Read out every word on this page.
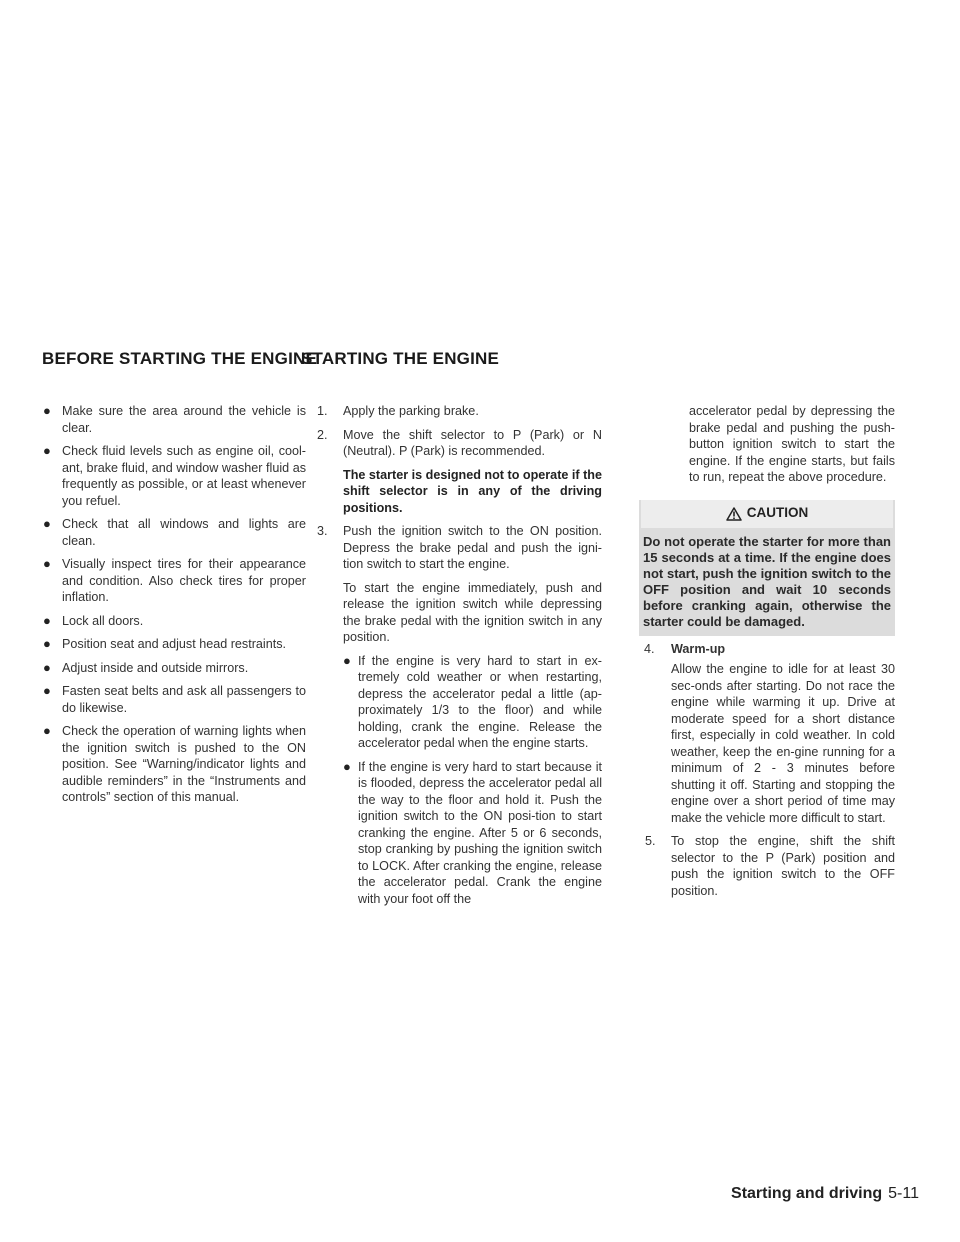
BEFORE STARTING THE ENGINE
STARTING THE ENGINE
● Make sure the area around the vehicle is clear.
● Check fluid levels such as engine oil, cool-ant, brake fluid, and window washer fluid as frequently as possible, or at least whenever you refuel.
● Check that all windows and lights are clean.
● Visually inspect tires for their appearance and condition. Also check tires for proper inflation.
● Lock all doors.
● Position seat and adjust head restraints.
● Adjust inside and outside mirrors.
● Fasten seat belts and ask all passengers to do likewise.
● Check the operation of warning lights when the ignition switch is pushed to the ON position. See “Warning/indicator lights and audible reminders” in the “Instruments and controls” section of this manual.
1. Apply the parking brake.
2. Move the shift selector to P (Park) or N (Neutral). P (Park) is recommended.

The starter is designed not to operate if the shift selector is in any of the driving positions.

3. Push the ignition switch to the ON position. Depress the brake pedal and push the igni-tion switch to start the engine.

To start the engine immediately, push and release the ignition switch while depressing the brake pedal with the ignition switch in any position.

● If the engine is very hard to start in ex-tremely cold weather or when restarting, depress the accelerator pedal a little (ap-proximately 1/3 to the floor) and while holding, crank the engine. Release the accelerator pedal when the engine starts.
● If the engine is very hard to start because it is flooded, depress the accelerator pedal all the way to the floor and hold it. Push the ignition switch to the ON posi-tion to start cranking the engine. After 5 or 6 seconds, stop cranking by pushing the ignition switch to LOCK. After cranking the engine, release the accelerator pedal. Crank the engine with your foot off the

accelerator pedal by depressing the brake pedal and pushing the push-button ignition switch to start the engine. If the engine starts, but fails to run, repeat the above procedure.

CAUTION
Do not operate the starter for more than 15 seconds at a time. If the engine does not start, push the ignition switch to the OFF position and wait 10 seconds before cranking again, otherwise the starter could be damaged.
4. Warm-up

Allow the engine to idle for at least 30 sec-onds after starting. Do not race the engine while warming it up. Drive at moderate speed for a short distance first, especially in cold weather. In cold weather, keep the en-gine running for a minimum of 2 - 3 minutes before shutting it off. Starting and stopping the engine over a short period of time may make the vehicle more difficult to start.

5. To stop the engine, shift the shift selector to the P (Park) position and push the ignition switch to the OFF position.
Starting and driving 5-11
